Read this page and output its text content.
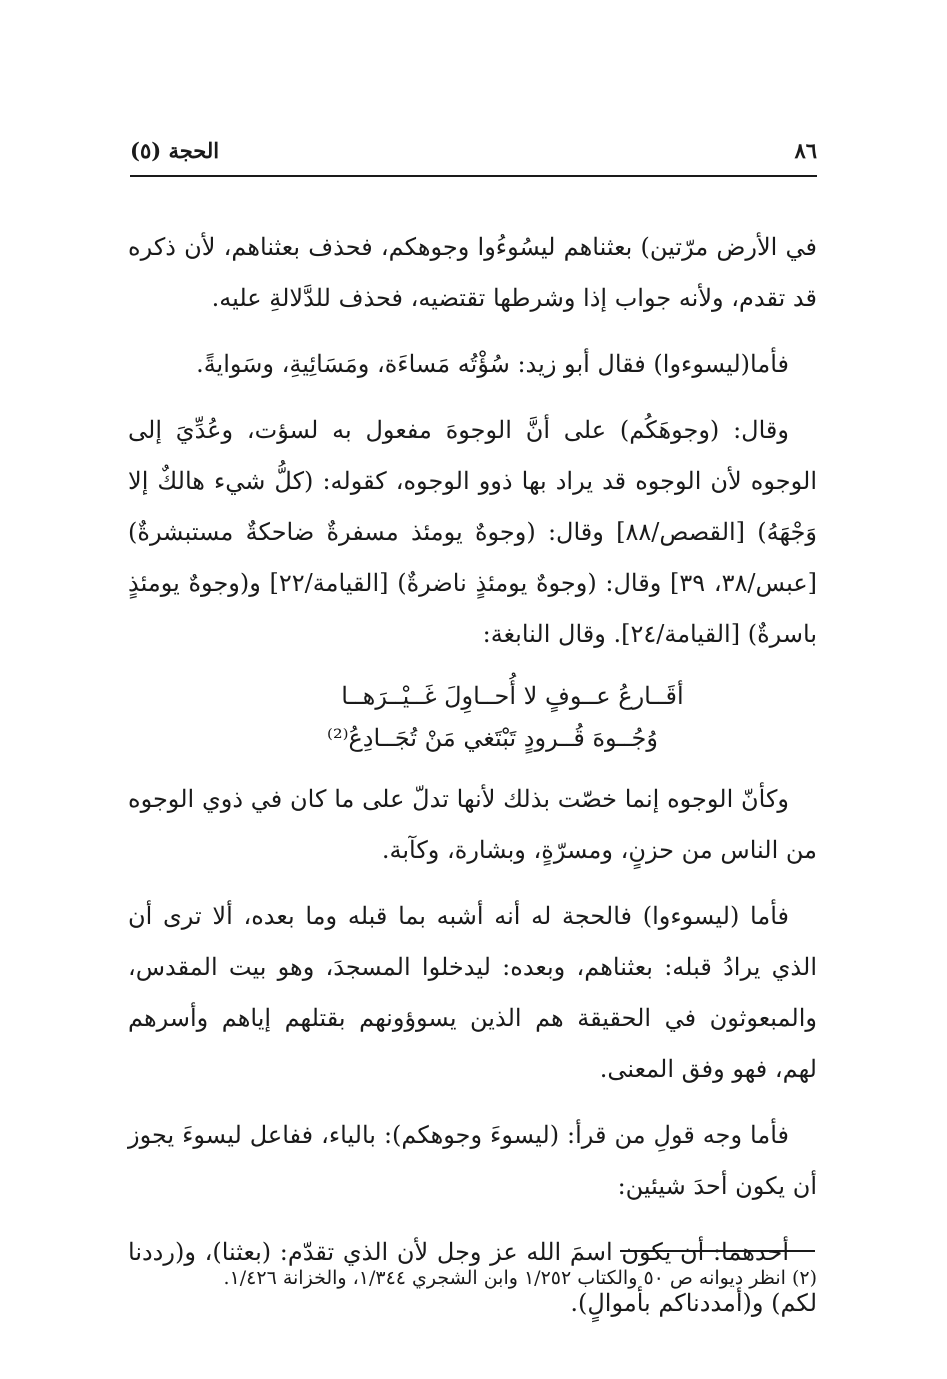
٨٦
الحجة (٥)

في الأرض مرّتين) بعثناهم ليسُوءُوا وجوهكم، فحذف بعثناهم، لأن ذكره قد تقدم، ولأنه جواب إذا وشرطها تقتضيه، فحذف للدَّلالةِ عليه.

فأما(ليسوءوا) فقال أبو زيد: سُؤْتُه مَساءَة، ومَسَائِيةِ، وسَوايةً.

وقال: (وجوهَكُم) على أنَّ الوجوهَ مفعول به لسؤت، وعُدِّيَ إلى الوجوه لأن الوجوه قد يراد بها ذوو الوجوه، كقوله: (كلُّ شيء هالكٌ إلا وَجْهَهُ) [القصص/٨٨] وقال: (وجوهٌ يومئذ مسفرةٌ ضاحكةٌ مستبشرةٌ) [عبس/٣٨، ٣٩] وقال: (وجوهٌ يومئذٍ ناضرةٌ) [القيامة/٢٢] و(وجوهٌ يومئذٍ باسرةٌ) [القيامة/٢٤]. وقال النابغة:

أقَــارعُ عــوفٍ لا أُحــاوِلَ غَــيْــرَهــا
وُجُــوهَ قُــرودٍ تَبْتَغي مَنْ تُجَــادِعُ⁽²⁾

وكأنّ الوجوه إنما خصّت بذلك لأنها تدلّ على ما كان في ذوي الوجوه من الناس من حزنٍ، ومسرّةٍ، وبشارة، وكآبة.

فأما (ليسوءوا) فالحجة له أنه أشبه بما قبله وما بعده، ألا ترى أن الذي يرادُ قبله: بعثناهم، وبعده: ليدخلوا المسجدَ، وهو بيت المقدس، والمبعوثون في الحقيقة هم الذين يسوؤونهم بقتلهم إياهم وأسرهم لهم، فهو وفق المعنى.

فأما وجه قولِ من قرأ: (ليسوءَ وجوهكم): بالياء، ففاعل ليسوءَ يجوز أن يكون أحدَ شيئين:

أحدهما: أن يكون اسمَ الله عز وجل لأن الذي تقدّم: (بعثنا)، و(رددنا لكم) و(أمددناكم بأموالٍ).

(٢) انظر ديوانه ص ٥٠ والكتاب ١/٢٥٢ وابن الشجري ١/٣٤٤، والخزانة ١/٤٢٦.
